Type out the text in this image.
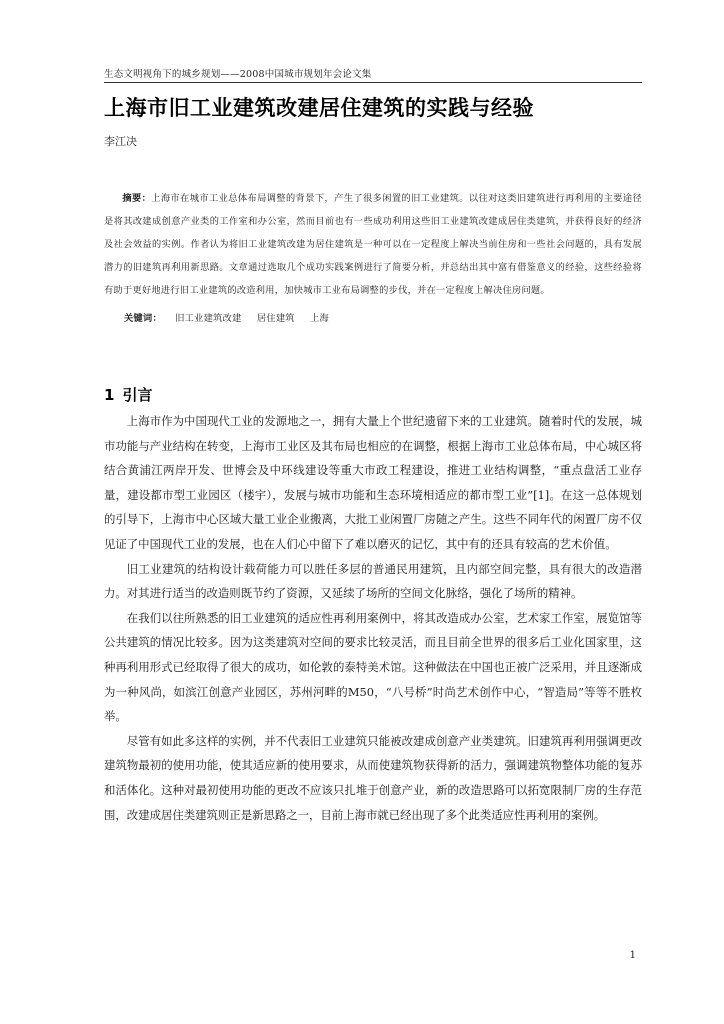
生态文明视角下的城乡规划——2008中国城市规划年会论文集
上海市旧工业建筑改建居住建筑的实践与经验
李江决

摘要：上海市在城市工业总体布局调整的背景下，产生了很多闲置的旧工业建筑。以往对这类旧建筑进行再利用的主要途径是将其改建成创意产业类的工作室和办公室，然而目前也有一些成功利用这些旧工业建筑改建成居住类建筑，并获得良好的经济及社会效益的实例。作者认为将旧工业建筑改建为居住建筑是一种可以在一定程度上解决当前住房和一些社会问题的，具有发展潜力的旧建筑再利用新思路。文章通过选取几个成功实践案例进行了简要分析，并总结出其中富有借鉴意义的经验，这些经验将有助于更好地进行旧工业建筑的改造利用，加快城市工业布局调整的步伐，并在一定程度上解决住房问题。

关键词： 旧工业建筑改建 居住建筑 上海
1 引言

上海市作为中国现代工业的发源地之一，拥有大量上个世纪遗留下来的工业建筑。随着时代的发展，城市功能与产业结构在转变，上海市工业区及其布局也相应的在调整，根据上海市工业总体布局，中心城区将结合黄浦江两岸开发、世博会及中环线建设等重大市政工程建设，推进工业结构调整，“重点盘活工业存量，建设都市型工业园区（楼宇），发展与城市功能和生态环境相适应的都市型工业”[1]。在这一总体规划的引导下，上海市中心区域大量工业企业搬离，大批工业闲置厂房随之产生。这些不同年代的闲置厂房不仅见证了中国现代工业的发展，也在人们心中留下了难以磨灭的记忆，其中有的还具有较高的艺术价值。

旧工业建筑的结构设计载荷能力可以胜任多层的普通民用建筑，且内部空间完整，具有很大的改造潜力。对其进行适当的改造则既节约了资源，又延续了场所的空间文化脉络，强化了场所的精神。

在我们以往所熟悉的旧工业建筑的适应性再利用案例中，将其改造成办公室，艺术家工作室，展览馆等公共建筑的情况比较多。因为这类建筑对空间的要求比较灵活，而且目前全世界的很多后工业化国家里，这种再利用形式已经取得了很大的成功，如伦敦的泰特美术馆。这种做法在中国也正被广泛采用，并且逐渐成为一种风尚，如滨江创意产业园区，苏州河畔的M50，“八号桥”时尚艺术创作中心，“智造局”等等不胜枚举。

尽管有如此多这样的实例，并不代表旧工业建筑只能被改建成创意产业类建筑。旧建筑再利用强调更改建筑物最初的使用功能，使其适应新的使用要求，从而使建筑物获得新的活力，强调建筑物整体功能的复苏和活体化。这种对最初使用功能的更改不应该只扎堆于创意产业，新的改造思路可以拓宽限制厂房的生存范围，改建成居住类建筑则正是新思路之一，目前上海市就已经出现了多个此类适应性再利用的案例。

1
